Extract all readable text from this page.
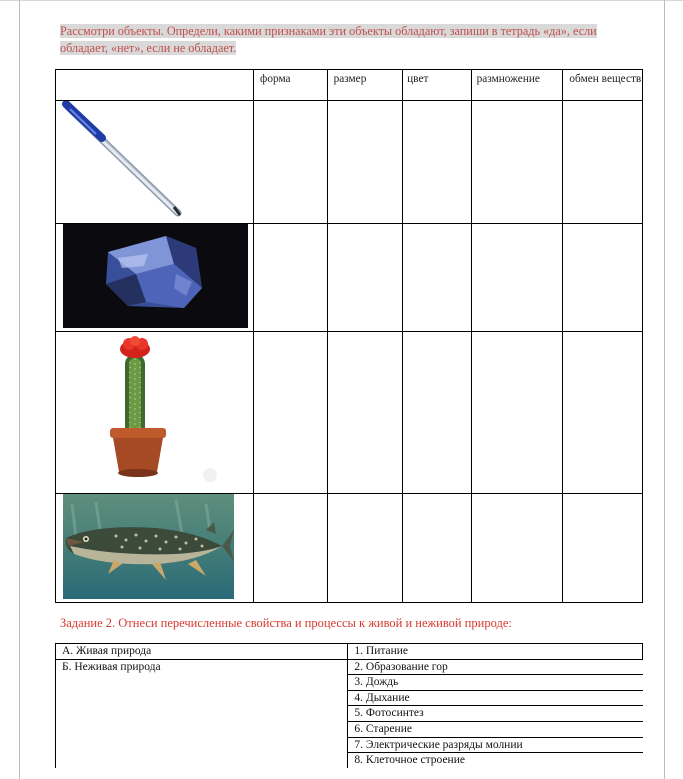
Рассмотри объекты. Определи, какими признаками эти объекты обладают, запиши в тетрадь «да», если обладает, «нет», если не обладает.
	форма	размер	цвет	размножение	обмен веществ

Задание 2. Отнеси перечисленные свойства и процессы к живой и неживой природе:
А. Живая природа	1. Питание
Б. Неживая природа	2. Образование гор
	3. Дождь
	4. Дыхание
	5. Фотосинтез
	6. Старение
	7. Электрические разряды молнии
	8. Клеточное строение
